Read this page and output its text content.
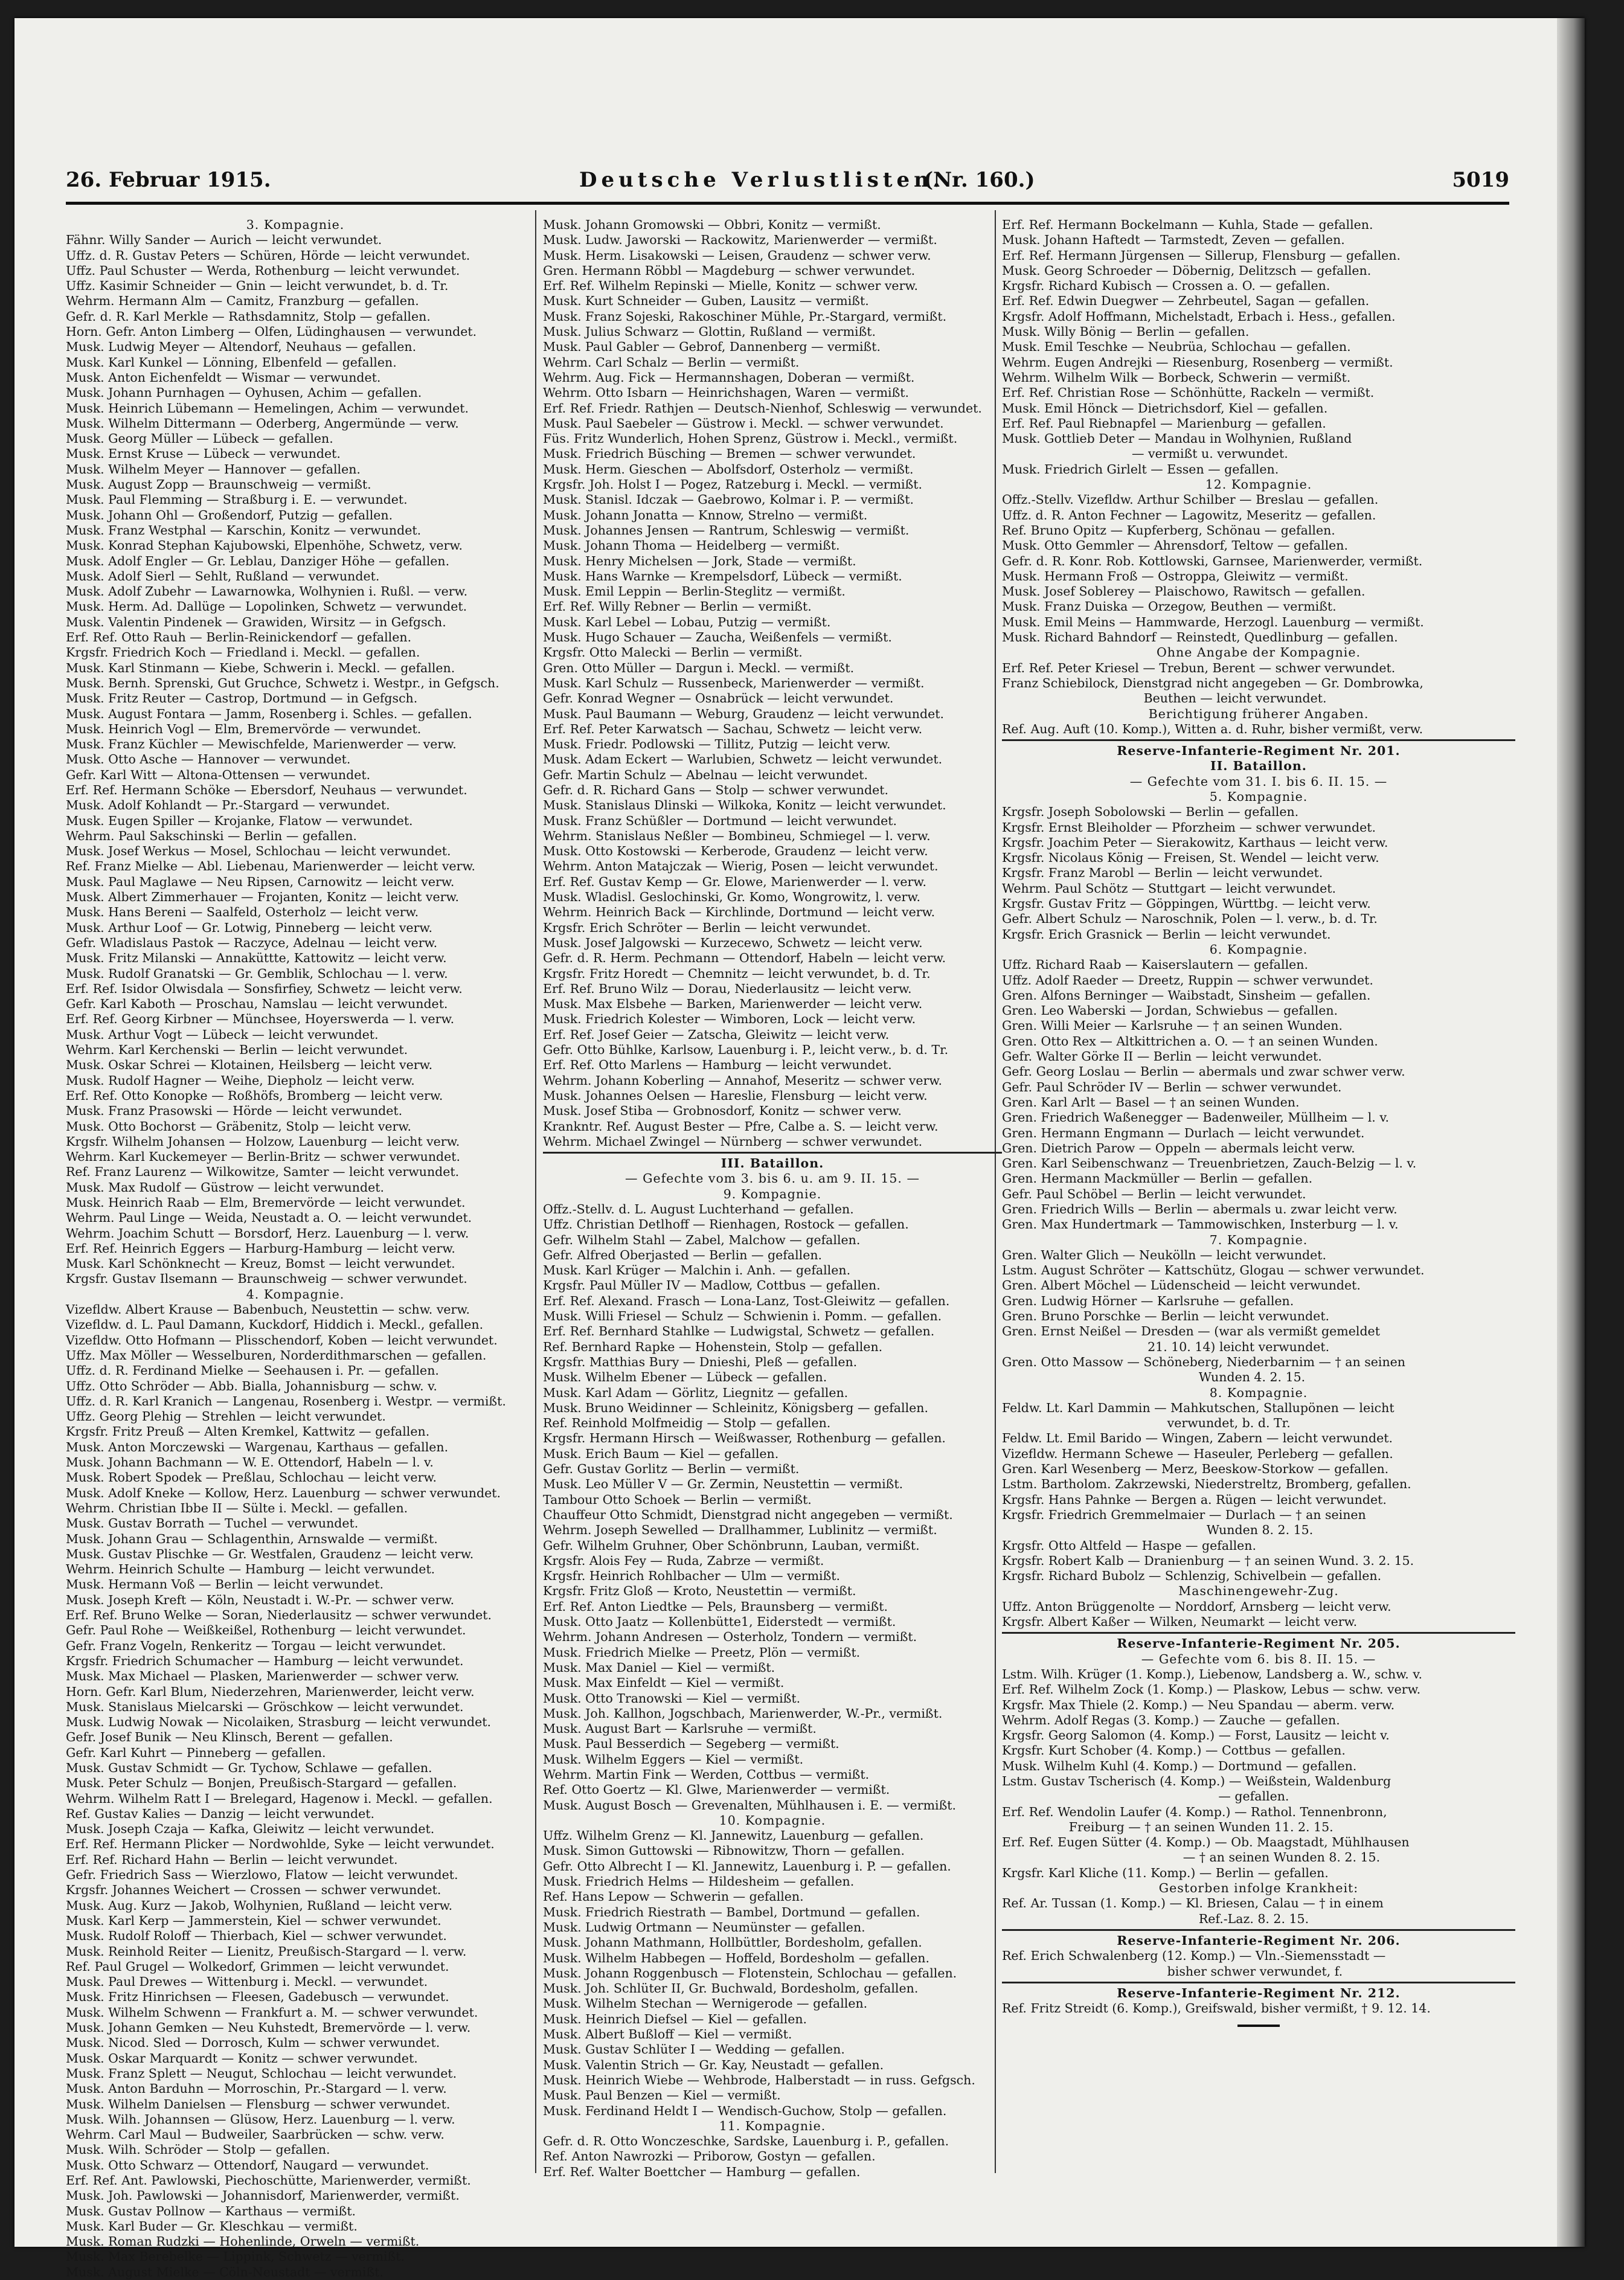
26. Februar 1915.	Deutsche Verlustlisten.
(Nr. 160.)	5019
3. Kompagnie.
Fähnr. Willy Sander — Aurich — leicht verwundet.
Uffz. d. R. Gustav Peters — Schüren, Hörde — leicht verwundet.
Uffz. Paul Schuster — Werda, Rothenburg — leicht verwundet.
Uffz. Kasimir Schneider — Gnin — leicht verwundet, b. d. Tr.
Wehrm. Hermann Alm — Camitz, Franzburg — gefallen.
Gefr. d. R. Karl Merkle — Rathsdamnitz, Stolp — gefallen.
Horn. Gefr. Anton Limberg — Olfen, Lüdinghausen — verwundet.
Musk. Ludwig Meyer — Altendorf, Neuhaus — gefallen.
Musk. Karl Kunkel — Lönning, Elbenfeld — gefallen.
Musk. Anton Eichenfeldt — Wismar — verwundet.
Musk. Johann Purnhagen — Oyhusen, Achim — gefallen.
Musk. Heinrich Lübemann — Hemelingen, Achim — verwundet.
Musk. Wilhelm Dittermann — Oderberg, Angermünde — verw.
Musk. Georg Müller — Lübeck — gefallen.
Musk. Ernst Kruse — Lübeck — verwundet.
Musk. Wilhelm Meyer — Hannover — gefallen.
Musk. August Zopp — Braunschweig — vermißt.
Musk. Paul Flemming — Straßburg i. E. — verwundet.
Musk. Johann Ohl — Großendorf, Putzig — gefallen.
Musk. Franz Westphal — Karschin, Konitz — verwundet.
Musk. Konrad Stephan Kajubowski, Elpenhöhe, Schwetz, verw.
Musk. Adolf Engler — Gr. Leblau, Danziger Höhe — gefallen.
Musk. Adolf Sierl — Sehlt, Rußland — verwundet.
Musk. Adolf Zubehr — Lawarnowka, Wolhynien i. Rußl. — verw.
Musk. Herm. Ad. Dallüge — Lopolinken, Schwetz — verwundet.
Musk. Valentin Pindenek — Grawiden, Wirsitz — in Gefgsch.
Erf. Ref. Otto Rauh — Berlin-Reinickendorf — gefallen.
Krgsfr. Friedrich Koch — Friedland i. Meckl. — gefallen.
Musk. Karl Stinmann — Kiebe, Schwerin i. Meckl. — gefallen.
Musk. Bernh. Sprenski, Gut Gruchce, Schwetz i. Westpr., in Gefgsch.
Musk. Fritz Reuter — Castrop, Dortmund — in Gefgsch.
Musk. August Fontara — Jamm, Rosenberg i. Schles. — gefallen.
Musk. Heinrich Vogl — Elm, Bremervörde — verwundet.
Musk. Franz Küchler — Mewischfelde, Marienwerder — verw.
Musk. Otto Asche — Hannover — verwundet.
Gefr. Karl Witt — Altona-Ottensen — verwundet.
Erf. Ref. Hermann Schöke — Ebersdorf, Neuhaus — verwundet.
Musk. Adolf Kohlandt — Pr.-Stargard — verwundet.
Musk. Eugen Spiller — Krojanke, Flatow — verwundet.
Wehrm. Paul Sakschinski — Berlin — gefallen.
Musk. Josef Werkus — Mosel, Schlochau — leicht verwundet.
Ref. Franz Mielke — Abl. Liebenau, Marienwerder — leicht verw.
Musk. Paul Maglawe — Neu Ripsen, Carnowitz — leicht verw.
Musk. Albert Zimmerhauer — Frojanten, Konitz — leicht verw.
Musk. Hans Bereni — Saalfeld, Osterholz — leicht verw.
Musk. Arthur Loof — Gr. Lotwig, Pinneberg — leicht verw.
Gefr. Wladislaus Pastok — Raczyce, Adelnau — leicht verw.
Musk. Fritz Milanski — Annaküttte, Kattowitz — leicht verw.
Musk. Rudolf Granatski — Gr. Gemblik, Schlochau — l. verw.
Erf. Ref. Isidor Olwisdala — Sonsfirfiey, Schwetz — leicht verw.
Gefr. Karl Kaboth — Proschau, Namslau — leicht verwundet.
Erf. Ref. Georg Kirbner — Münchsee, Hoyerswerda — l. verw.
Musk. Arthur Vogt — Lübeck — leicht verwundet.
Wehrm. Karl Kerchenski — Berlin — leicht verwundet.
Musk. Oskar Schrei — Klotainen, Heilsberg — leicht verw.
Musk. Rudolf Hagner — Weihe, Diepholz — leicht verw.
Erf. Ref. Otto Konopke — Roßhöfs, Bromberg — leicht verw.
Musk. Franz Prasowski — Hörde — leicht verwundet.
Musk. Otto Bochorst — Gräbenitz, Stolp — leicht verw.
Krgsfr. Wilhelm Johansen — Holzow, Lauenburg — leicht verw.
Wehrm. Karl Kuckemeyer — Berlin-Britz — schwer verwundet.
Ref. Franz Laurenz — Wilkowitze, Samter — leicht verwundet.
Musk. Max Rudolf — Güstrow — leicht verwundet.
Musk. Heinrich Raab — Elm, Bremervörde — leicht verwundet.
Wehrm. Paul Linge — Weida, Neustadt a. O. — leicht verwundet.
Wehrm. Joachim Schutt — Borsdorf, Herz. Lauenburg — l. verw.
Erf. Ref. Heinrich Eggers — Harburg-Hamburg — leicht verw.
Musk. Karl Schönknecht — Kreuz, Bomst — leicht verwundet.
Krgsfr. Gustav Ilsemann — Braunschweig — schwer verwundet.
4. Kompagnie.
Vizefldw. Albert Krause — Babenbuch, Neustettin — schw. verw.
Vizefldw. d. L. Paul Damann, Kuckdorf, Hiddich i. Meckl., gefallen.
Vizefldw. Otto Hofmann — Plisschendorf, Koben — leicht verwundet.
Uffz. Max Möller — Wesselburen, Norderdithmarschen — gefallen.
Uffz. d. R. Ferdinand Mielke — Seehausen i. Pr. — gefallen.
Uffz. Otto Schröder — Abb. Bialla, Johannisburg — schw. v.
Uffz. d. R. Karl Kranich — Langenau, Rosenberg i. Westpr. — vermißt.
Uffz. Georg Plehig — Strehlen — leicht verwundet.
Krgsfr. Fritz Preuß — Alten Kremkel, Kattwitz — gefallen.
Musk. Anton Morczewski — Wargenau, Karthaus — gefallen.
Musk. Johann Bachmann — W. E. Ottendorf, Habeln — l. v.
Musk. Robert Spodek — Preßlau, Schlochau — leicht verw.
Musk. Adolf Kneke — Kollow, Herz. Lauenburg — schwer verwundet.
Wehrm. Christian Ibbe II — Sülte i. Meckl. — gefallen.
Musk. Gustav Borrath — Tuchel — verwundet.
Musk. Johann Grau — Schlagenthin, Arnswalde — vermißt.
Musk. Gustav Plischke — Gr. Westfalen, Graudenz — leicht verw.
Wehrm. Heinrich Schulte — Hamburg — leicht verwundet.
Musk. Hermann Voß — Berlin — leicht verwundet.
Musk. Joseph Kreft — Köln, Neustadt i. W.-Pr. — schwer verw.
Erf. Ref. Bruno Welke — Soran, Niederlausitz — schwer verwundet.
Gefr. Paul Rohe — Weißkeißel, Rothenburg — leicht verwundet.
Gefr. Franz Vogeln, Renkeritz — Torgau — leicht verwundet.
Krgsfr. Friedrich Schumacher — Hamburg — leicht verwundet.
Musk. Max Michael — Plasken, Marienwerder — schwer verw.
Horn. Gefr. Karl Blum, Niederzehren, Marienwerder, leicht verw.
Musk. Stanislaus Mielcarski — Gröschkow — leicht verwundet.
Musk. Ludwig Nowak — Nicolaiken, Strasburg — leicht verwundet.
Gefr. Josef Bunik — Neu Klinsch, Berent — gefallen.
Gefr. Karl Kuhrt — Pinneberg — gefallen.
Musk. Gustav Schmidt — Gr. Tychow, Schlawe — gefallen.
Musk. Peter Schulz — Bonjen, Preußisch-Stargard — gefallen.
Wehrm. Wilhelm Ratt I — Brelegard, Hagenow i. Meckl. — gefallen.
Ref. Gustav Kalies — Danzig — leicht verwundet.
Musk. Joseph Czaja — Kafka, Gleiwitz — leicht verwundet.
Erf. Ref. Hermann Plicker — Nordwohlde, Syke — leicht verwundet.
Erf. Ref. Richard Hahn — Berlin — leicht verwundet.
Gefr. Friedrich Sass — Wierzlowo, Flatow — leicht verwundet.
Krgsfr. Johannes Weichert — Crossen — schwer verwundet.
Musk. Aug. Kurz — Jakob, Wolhynien, Rußland — leicht verw.
Musk. Karl Kerp — Jammerstein, Kiel — schwer verwundet.
Musk. Rudolf Roloff — Thierbach, Kiel — schwer verwundet.
Musk. Reinhold Reiter — Lienitz, Preußisch-Stargard — l. verw.
Ref. Paul Grugel — Wolkedorf, Grimmen — leicht verwundet.
Musk. Paul Drewes — Wittenburg i. Meckl. — verwundet.
Musk. Fritz Hinrichsen — Fleesen, Gadebusch — verwundet.
Musk. Wilhelm Schwenn — Frankfurt a. M. — schwer verwundet.
Musk. Johann Gemken — Neu Kuhstedt, Bremervörde — l. verw.
Musk. Nicod. Sled — Dorrosch, Kulm — schwer verwundet.
Musk. Oskar Marquardt — Konitz — schwer verwundet.
Musk. Franz Splett — Neugut, Schlochau — leicht verwundet.
Musk. Anton Barduhn — Morroschin, Pr.-Stargard — l. verw.
Musk. Wilhelm Danielsen — Flensburg — schwer verwundet.
Musk. Wilh. Johannsen — Glüsow, Herz. Lauenburg — l. verw.
Wehrm. Carl Maul — Budweiler, Saarbrücken — schw. verw.
Musk. Wilh. Schröder — Stolp — gefallen.
Musk. Otto Schwarz — Ottendorf, Naugard — verwundet.
Erf. Ref. Ant. Pawlowski, Piechoschütte, Marienwerder, vermißt.
Musk. Joh. Pawlowski — Johannisdorf, Marienwerder, vermißt.
Musk. Gustav Pollnow — Karthaus — vermißt.
Musk. Karl Buder — Gr. Kleschkau — vermißt.
Musk. Roman Rudzki — Hohenlinde, Orweln — vermißt.
Musk. Max Berebelke — Lippink, Schwetz — vermißt.
Musk. August Mielke — Cöln-Neustadt — vermißt.
Musk. Johann Gromowski — Obbri, Konitz — vermißt.
Musk. Ludw. Jaworski — Rackowitz, Marienwerder — vermißt.
Musk. Herm. Lisakowski — Leisen, Graudenz — schwer verw.
Gren. Hermann Röbbl — Magdeburg — schwer verwundet.
Erf. Ref. Wilhelm Repinski — Mielle, Konitz — schwer verw.
Musk. Kurt Schneider — Guben, Lausitz — vermißt.
Musk. Franz Sojeski, Rakoschiner Mühle, Pr.-Stargard, vermißt.
Musk. Julius Schwarz — Glottin, Rußland — vermißt.
Musk. Paul Gabler — Gebrof, Dannenberg — vermißt.
Wehrm. Carl Schalz — Berlin — vermißt.
Wehrm. Aug. Fick — Hermannshagen, Doberan — vermißt.
Wehrm. Otto Isbarn — Heinrichshagen, Waren — vermißt.
Erf. Ref. Friedr. Rathjen — Deutsch-Nienhof, Schleswig — verwundet.
Musk. Paul Saebeler — Güstrow i. Meckl. — schwer verwundet.
Füs. Fritz Wunderlich, Hohen Sprenz, Güstrow i. Meckl., vermißt.
Musk. Friedrich Büsching — Bremen — schwer verwundet.
Musk. Herm. Gieschen — Abolfsdorf, Osterholz — vermißt.
Krgsfr. Joh. Holst I — Pogez, Ratzeburg i. Meckl. — vermißt.
Musk. Stanisl. Idczak — Gaebrowo, Kolmar i. P. — vermißt.
Musk. Johann Jonatta — Knnow, Strelno — vermißt.
Musk. Johannes Jensen — Rantrum, Schleswig — vermißt.
Musk. Johann Thoma — Heidelberg — vermißt.
Musk. Henry Michelsen — Jork, Stade — vermißt.
Musk. Hans Warnke — Krempelsdorf, Lübeck — vermißt.
Musk. Emil Leppin — Berlin-Steglitz — vermißt.
Erf. Ref. Willy Rebner — Berlin — vermißt.
Musk. Karl Lebel — Lobau, Putzig — vermißt.
Musk. Hugo Schauer — Zaucha, Weißenfels — vermißt.
Krgsfr. Otto Malecki — Berlin — vermißt.
Gren. Otto Müller — Dargun i. Meckl. — vermißt.
Musk. Karl Schulz — Russenbeck, Marienwerder — vermißt.
Gefr. Konrad Wegner — Osnabrück — leicht verwundet.
Musk. Paul Baumann — Weburg, Graudenz — leicht verwundet.
Erf. Ref. Peter Karwatsch — Sachau, Schwetz — leicht verw.
Musk. Friedr. Podlowski — Tillitz, Putzig — leicht verw.
Musk. Adam Eckert — Warlubien, Schwetz — leicht verwundet.
Gefr. Martin Schulz — Abelnau — leicht verwundet.
Gefr. d. R. Richard Gans — Stolp — schwer verwundet.
Musk. Stanislaus Dlinski — Wilkoka, Konitz — leicht verwundet.
Musk. Franz Schüßler — Dortmund — leicht verwundet.
Wehrm. Stanislaus Neßler — Bombineu, Schmiegel — l. verw.
Musk. Otto Kostowski — Kerberode, Graudenz — leicht verw.
Wehrm. Anton Matajczak — Wierig, Posen — leicht verwundet.
Erf. Ref. Gustav Kemp — Gr. Elowe, Marienwerder — l. verw.
Musk. Wladisl. Geslochinski, Gr. Komo, Wongrowitz, l. verw.
Wehrm. Heinrich Back — Kirchlinde, Dortmund — leicht verw.
Krgsfr. Erich Schröter — Berlin — leicht verwundet.
Musk. Josef Jalgowski — Kurzecewo, Schwetz — leicht verw.
Gefr. d. R. Herm. Pechmann — Ottendorf, Habeln — leicht verw.
Krgsfr. Fritz Horedt — Chemnitz — leicht verwundet, b. d. Tr.
Erf. Ref. Bruno Wilz — Dorau, Niederlausitz — leicht verw.
Musk. Max Elsbehe — Barken, Marienwerder — leicht verw.
Musk. Friedrich Kolester — Wimboren, Lock — leicht verw.
Erf. Ref. Josef Geier — Zatscha, Gleiwitz — leicht verw.
Gefr. Otto Bühlke, Karlsow, Lauenburg i. P., leicht verw., b. d. Tr.
Erf. Ref. Otto Marlens — Hamburg — leicht verwundet.
Wehrm. Johann Koberling — Annahof, Meseritz — schwer verw.
Musk. Johannes Oelsen — Hareslie, Flensburg — leicht verw.
Musk. Josef Stiba — Grobnosdorf, Konitz — schwer verw.
Krankntr. Ref. August Bester — Pfre, Calbe a. S. — leicht verw.
Wehrm. Michael Zwingel — Nürnberg — schwer verwundet.
III. Bataillon.
— Gefechte vom 3. bis 6. u. am 9. II. 15. —
9. Kompagnie.
Offz.-Stellv. d. L. August Luchterhand — gefallen.
Uffz. Christian Detlhoff — Rienhagen, Rostock — gefallen.
Gefr. Wilhelm Stahl — Zabel, Malchow — gefallen.
Gefr. Alfred Oberjasted — Berlin — gefallen.
Musk. Karl Krüger — Malchin i. Anh. — gefallen.
Krgsfr. Paul Müller IV — Madlow, Cottbus — gefallen.
Erf. Ref. Alexand. Frasch — Lona-Lanz, Tost-Gleiwitz — gefallen.
Musk. Willi Friesel — Schulz — Schwienin i. Pomm. — gefallen.
Erf. Ref. Bernhard Stahlke — Ludwigstal, Schwetz — gefallen.
Ref. Bernhard Rapke — Hohenstein, Stolp — gefallen.
Krgsfr. Matthias Bury — Dnieshi, Pleß — gefallen.
Musk. Wilhelm Ebener — Lübeck — gefallen.
Musk. Karl Adam — Görlitz, Liegnitz — gefallen.
Musk. Bruno Weidinner — Schleinitz, Königsberg — gefallen.
Ref. Reinhold Molfmeidig — Stolp — gefallen.
Krgsfr. Hermann Hirsch — Weißwasser, Rothenburg — gefallen.
Musk. Erich Baum — Kiel — gefallen.
Gefr. Gustav Gorlitz — Berlin — vermißt.
Musk. Leo Müller V — Gr. Zermin, Neustettin — vermißt.
Tambour Otto Schoek — Berlin — vermißt.
Chauffeur Otto Schmidt, Dienstgrad nicht angegeben — vermißt.
Wehrm. Joseph Sewelled — Drallhammer, Lublinitz — vermißt.
Gefr. Wilhelm Gruhner, Ober Schönbrunn, Lauban, vermißt.
Krgsfr. Alois Fey — Ruda, Zabrze — vermißt.
Krgsfr. Heinrich Rohlbacher — Ulm — vermißt.
Krgsfr. Fritz Gloß — Kroto, Neustettin — vermißt.
Erf. Ref. Anton Liedtke — Pels, Braunsberg — vermißt.
Musk. Otto Jaatz — Kollenbütte1, Eiderstedt — vermißt.
Wehrm. Johann Andresen — Osterholz, Tondern — vermißt.
Musk. Friedrich Mielke — Preetz, Plön — vermißt.
Musk. Max Daniel — Kiel — vermißt.
Musk. Max Einfeldt — Kiel — vermißt.
Musk. Otto Tranowski — Kiel — vermißt.
Musk. Joh. Kallhon, Jogschbach, Marienwerder, W.-Pr., vermißt.
Musk. August Bart — Karlsruhe — vermißt.
Musk. Paul Besserdich — Segeberg — vermißt.
Musk. Wilhelm Eggers — Kiel — vermißt.
Wehrm. Martin Fink — Werden, Cottbus — vermißt.
Ref. Otto Goertz — Kl. Glwe, Marienwerder — vermißt.
Musk. August Bosch — Grevenalten, Mühlhausen i. E. — vermißt.
10. Kompagnie.
Uffz. Wilhelm Grenz — Kl. Jannewitz, Lauenburg — gefallen.
Musk. Simon Guttowski — Ribnowitzw, Thorn — gefallen.
Gefr. Otto Albrecht I — Kl. Jannewitz, Lauenburg i. P. — gefallen.
Musk. Friedrich Helms — Hildesheim — gefallen.
Ref. Hans Lepow — Schwerin — gefallen.
Musk. Friedrich Riestrath — Bambel, Dortmund — gefallen.
Musk. Ludwig Ortmann — Neumünster — gefallen.
Musk. Johann Mathmann, Hollbüttler, Bordesholm, gefallen.
Musk. Wilhelm Habbegen — Hoffeld, Bordesholm — gefallen.
Musk. Johann Roggenbusch — Flotenstein, Schlochau — gefallen.
Musk. Joh. Schlüter II, Gr. Buchwald, Bordesholm, gefallen.
Musk. Wilhelm Stechan — Wernigerode — gefallen.
Musk. Heinrich Diefsel — Kiel — gefallen.
Musk. Albert Bußloff — Kiel — vermißt.
Musk. Gustav Schlüter I — Wedding — gefallen.
Musk. Valentin Strich — Gr. Kay, Neustadt — gefallen.
Musk. Heinrich Wiebe — Wehbrode, Halberstadt — in russ. Gefgsch.
Musk. Paul Benzen — Kiel — vermißt.
Musk. Ferdinand Heldt I — Wendisch-Guchow, Stolp — gefallen.
11. Kompagnie.
Gefr. d. R. Otto Wonczeschke, Sardske, Lauenburg i. P., gefallen.
Ref. Anton Nawrozki — Priborow, Gostyn — gefallen.
Erf. Ref. Walter Boettcher — Hamburg — gefallen.
Erf. Ref. Hermann Bockelmann — Kuhla, Stade — gefallen.
Musk. Johann Haftedt — Tarmstedt, Zeven — gefallen.
Erf. Ref. Hermann Jürgensen — Sillerup, Flensburg — gefallen.
Musk. Georg Schroeder — Döbernig, Delitzsch — gefallen.
Krgsfr. Richard Kubisch — Crossen a. O. — gefallen.
Erf. Ref. Edwin Duegwer — Zehrbeutel, Sagan — gefallen.
Krgsfr. Adolf Hoffmann, Michelstadt, Erbach i. Hess., gefallen.
Musk. Willy Bönig — Berlin — gefallen.
Musk. Emil Teschke — Neubrüa, Schlochau — gefallen.
Wehrm. Eugen Andrejki — Riesenburg, Rosenberg — vermißt.
Wehrm. Wilhelm Wilk — Borbeck, Schwerin — vermißt.
Erf. Ref. Christian Rose — Schönhütte, Rackeln — vermißt.
Musk. Emil Hönck — Dietrichsdorf, Kiel — gefallen.
Erf. Ref. Paul Riebnapfel — Marienburg — gefallen.
Musk. Gottlieb Deter — Mandau in Wolhynien, Rußland
— vermißt u. verwundet.
Musk. Friedrich Girlelt — Essen — gefallen.
12. Kompagnie.
Offz.-Stellv. Vizefldw. Arthur Schilber — Breslau — gefallen.
Uffz. d. R. Anton Fechner — Lagowitz, Meseritz — gefallen.
Ref. Bruno Opitz — Kupferberg, Schönau — gefallen.
Musk. Otto Gemmler — Ahrensdorf, Teltow — gefallen.
Gefr. d. R. Konr. Rob. Kottlowski, Garnsee, Marienwerder, vermißt.
Musk. Hermann Froß — Ostroppa, Gleiwitz — vermißt.
Musk. Josef Soblerey — Plaischowo, Rawitsch — gefallen.
Musk. Franz Duiska — Orzegow, Beuthen — vermißt.
Musk. Emil Meins — Hammwarde, Herzogl. Lauenburg — vermißt.
Musk. Richard Bahndorf — Reinstedt, Quedlinburg — gefallen.
Ohne Angabe der Kompagnie.
Erf. Ref. Peter Kriesel — Trebun, Berent — schwer verwundet.
Franz Schiebilock, Dienstgrad nicht angegeben — Gr. Dombrowka,
Beuthen — leicht verwundet.
Berichtigung früherer Angaben.
Ref. Aug. Auft (10. Komp.), Witten a. d. Ruhr, bisher vermißt, verw.
Reserve-Infanterie-Regiment Nr. 201.
II. Bataillon.
— Gefechte vom 31. I. bis 6. II. 15. —
5. Kompagnie.
Krgsfr. Joseph Sobolowski — Berlin — gefallen.
Krgsfr. Ernst Bleiholder — Pforzheim — schwer verwundet.
Krgsfr. Joachim Peter — Sierakowitz, Karthaus — leicht verw.
Krgsfr. Nicolaus König — Freisen, St. Wendel — leicht verw.
Krgsfr. Franz Marobl — Berlin — leicht verwundet.
Wehrm. Paul Schötz — Stuttgart — leicht verwundet.
Krgsfr. Gustav Fritz — Göppingen, Württbg. — leicht verw.
Gefr. Albert Schulz — Naroschnik, Polen — l. verw., b. d. Tr.
Krgsfr. Erich Grasnick — Berlin — leicht verwundet.
6. Kompagnie.
Uffz. Richard Raab — Kaiserslautern — gefallen.
Uffz. Adolf Raeder — Dreetz, Ruppin — schwer verwundet.
Gren. Alfons Berninger — Waibstadt, Sinsheim — gefallen.
Gren. Leo Waberski — Jordan, Schwiebus — gefallen.
Gren. Willi Meier — Karlsruhe — † an seinen Wunden.
Gren. Otto Rex — Altkittrichen a. O. — † an seinen Wunden.
Gefr. Walter Görke II — Berlin — leicht verwundet.
Gefr. Georg Loslau — Berlin — abermals und zwar schwer verw.
Gefr. Paul Schröder IV — Berlin — schwer verwundet.
Gren. Karl Arlt — Basel — † an seinen Wunden.
Gren. Friedrich Waßenegger — Badenweiler, Müllheim — l. v.
Gren. Hermann Engmann — Durlach — leicht verwundet.
Gren. Dietrich Parow — Oppeln — abermals leicht verw.
Gren. Karl Seibenschwanz — Treuenbrietzen, Zauch-Belzig — l. v.
Gren. Hermann Mackmüller — Berlin — gefallen.
Gefr. Paul Schöbel — Berlin — leicht verwundet.
Gren. Friedrich Wills — Berlin — abermals u. zwar leicht verw.
Gren. Max Hundertmark — Tammowischken, Insterburg — l. v.
7. Kompagnie.
Gren. Walter Glich — Neukölln — leicht verwundet.
Lstm. August Schröter — Kattschütz, Glogau — schwer verwundet.
Gren. Albert Möchel — Lüdenscheid — leicht verwundet.
Gren. Ludwig Hörner — Karlsruhe — gefallen.
Gren. Bruno Porschke — Berlin — leicht verwundet.
Gren. Ernst Neißel — Dresden — (war als vermißt gemeldet
21. 10. 14) leicht verwundet.
Gren. Otto Massow — Schöneberg, Niederbarnim — † an seinen
Wunden 4. 2. 15.
8. Kompagnie.
Feldw. Lt. Karl Dammin — Mahkutschen, Stallupönen — leicht
verwundet, b. d. Tr.
Feldw. Lt. Emil Barido — Wingen, Zabern — leicht verwundet.
Vizefldw. Hermann Schewe — Haseuler, Perleberg — gefallen.
Gren. Karl Wesenberg — Merz, Beeskow-Storkow — gefallen.
Lstm. Bartholom. Zakrzewski, Niederstreltz, Bromberg, gefallen.
Krgsfr. Hans Pahnke — Bergen a. Rügen — leicht verwundet.
Krgsfr. Friedrich Gremmelmaier — Durlach — † an seinen
Wunden 8. 2. 15.
Krgsfr. Otto Altfeld — Haspe — gefallen.
Krgsfr. Robert Kalb — Dranienburg — † an seinen Wund. 3. 2. 15.
Krgsfr. Richard Bubolz — Schlenzig, Schivelbein — gefallen.
Maschinengewehr-Zug.
Uffz. Anton Brüggenolte — Norddorf, Arnsberg — leicht verw.
Krgsfr. Albert Kaßer — Wilken, Neumarkt — leicht verw.
Reserve-Infanterie-Regiment Nr. 205.
— Gefechte vom 6. bis 8. II. 15. —
Lstm. Wilh. Krüger (1. Komp.), Liebenow, Landsberg a. W., schw. v.
Erf. Ref. Wilhelm Zock (1. Komp.) — Plaskow, Lebus — schw. verw.
Krgsfr. Max Thiele (2. Komp.) — Neu Spandau — aberm. verw.
Wehrm. Adolf Regas (3. Komp.) — Zauche — gefallen.
Krgsfr. Georg Salomon (4. Komp.) — Forst, Lausitz — leicht v.
Krgsfr. Kurt Schober (4. Komp.) — Cottbus — gefallen.
Musk. Wilhelm Kuhl (4. Komp.) — Dortmund — gefallen.
Lstm. Gustav Tscherisch (4. Komp.) — Weißstein, Waldenburg
— gefallen.
Erf. Ref. Wendolin Laufer (4. Komp.) — Rathol. Tennenbronn,
Freiburg — † an seinen Wunden 11. 2. 15.
Erf. Ref. Eugen Sütter (4. Komp.) — Ob. Maagstadt, Mühlhausen
— † an seinen Wunden 8. 2. 15.
Krgsfr. Karl Kliche (11. Komp.) — Berlin — gefallen.
Gestorben infolge Krankheit:
Ref. Ar. Tussan (1. Komp.) — Kl. Briesen, Calau — † in einem
Ref.-Laz. 8. 2. 15.
Reserve-Infanterie-Regiment Nr. 206.
Ref. Erich Schwalenberg (12. Komp.) — Vln.-Siemensstadt —
bisher schwer verwundet, f.
Reserve-Infanterie-Regiment Nr. 212.
Ref. Fritz Streidt (6. Komp.), Greifswald, bisher vermißt, † 9. 12. 14.
